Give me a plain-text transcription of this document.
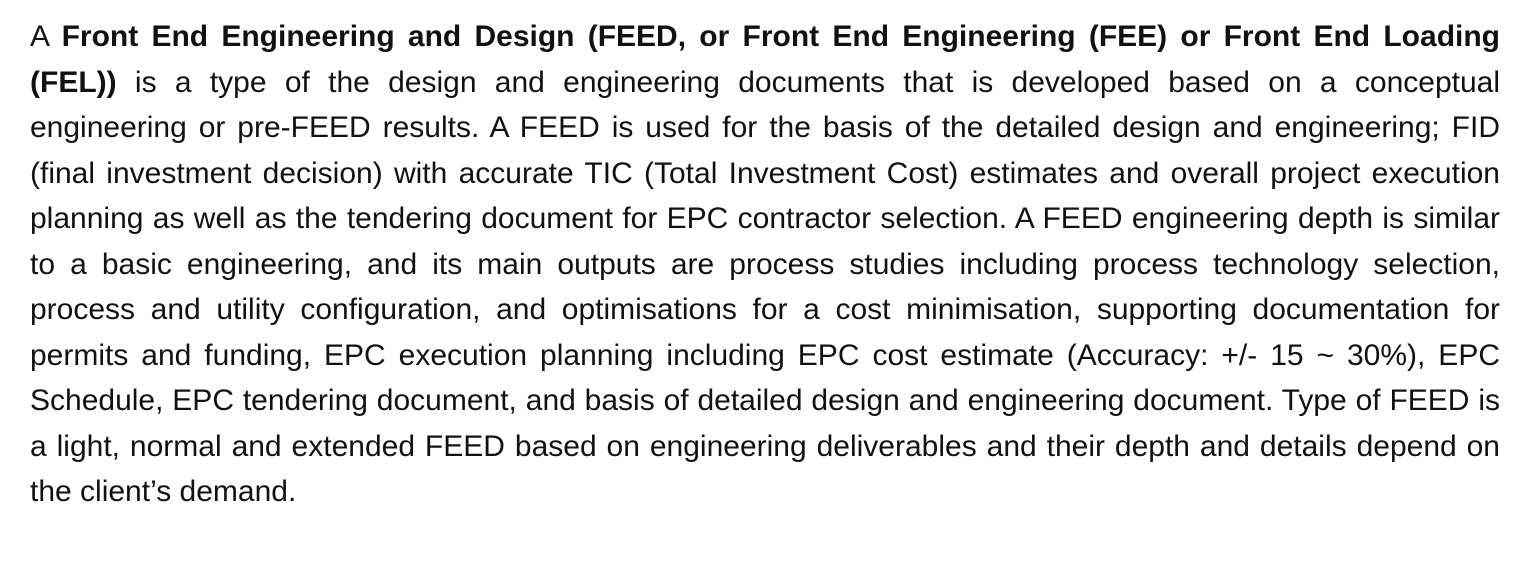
A Front End Engineering and Design (FEED, or Front End Engineering (FEE) or Front End Loading (FEL)) is a type of the design and engineering documents that is developed based on a conceptual engineering or pre-FEED results. A FEED is used for the basis of the detailed design and engineering; FID (final investment decision) with accurate TIC (Total Investment Cost) estimates and overall project execution planning as well as the tendering document for EPC contractor selection. A FEED engineering depth is similar to a basic engineering, and its main outputs are process studies including process technology selection, process and utility configuration, and optimisations for a cost minimisation, supporting documentation for permits and funding, EPC execution planning including EPC cost estimate (Accuracy: +/- 15 ~ 30%), EPC Schedule, EPC tendering document, and basis of detailed design and engineering document. Type of FEED is a light, normal and extended FEED based on engineering deliverables and their depth and details depend on the client’s demand.
